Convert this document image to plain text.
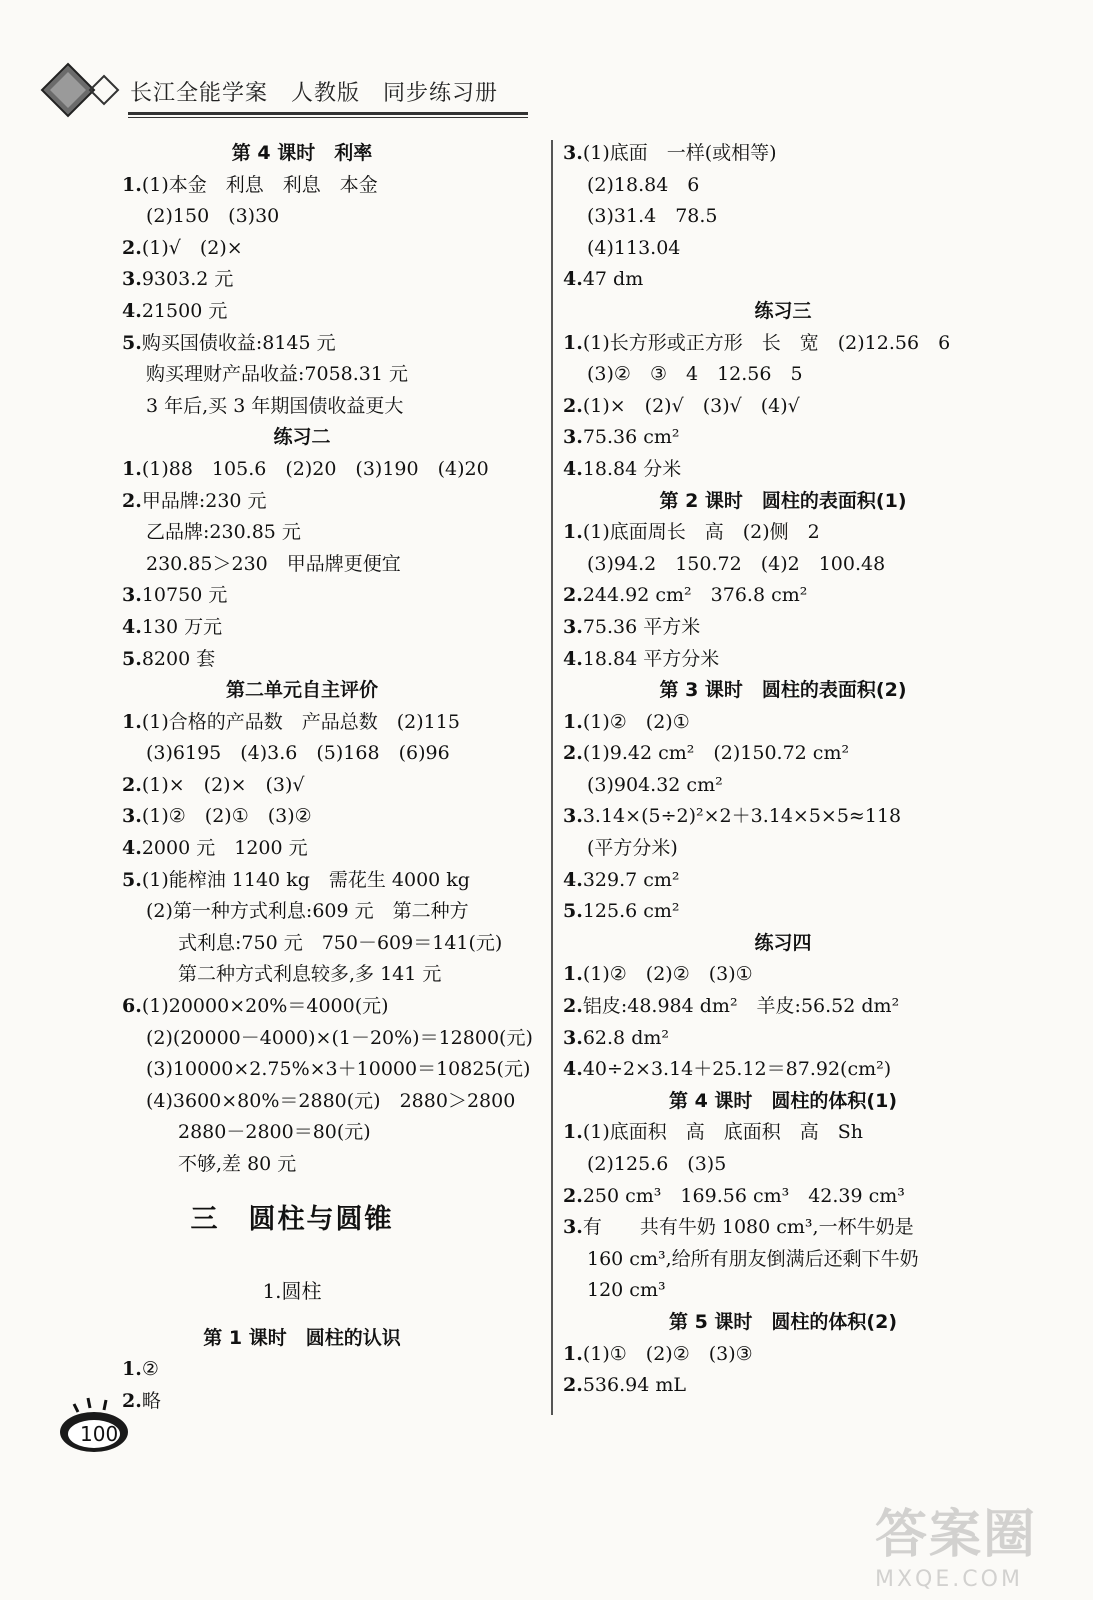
长江全能学案　人教版　同步练习册
第 4 课时　利率
1.(1)本金　利息　利息　本金
(2)150　(3)30
2.(1)√　(2)×
3.9303.2 元
4.21500 元
5.购买国债收益:8145 元
购买理财产品收益:7058.31 元
3 年后,买 3 年期国债收益更大
练习二
1.(1)88　105.6　(2)20　(3)190　(4)20
2.甲品牌:230 元
乙品牌:230.85 元
230.85＞230　甲品牌更便宜
3.10750 元
4.130 万元
5.8200 套
第二单元自主评价
1.(1)合格的产品数　产品总数　(2)115
(3)6195　(4)3.6　(5)168　(6)96
2.(1)×　(2)×　(3)√
3.(1)②　(2)①　(3)②
4.2000 元　1200 元
5.(1)能榨油 1140 kg　需花生 4000 kg
(2)第一种方式利息:609 元　第二种方
式利息:750 元　750－609＝141(元)
第二种方式利息较多,多 141 元
6.(1)20000×20%＝4000(元)
(2)(20000－4000)×(1－20%)＝12800(元)
(3)10000×2.75%×3＋10000＝10825(元)
(4)3600×80%＝2880(元)　2880＞2800
2880－2800＝80(元)
不够,差 80 元
三　圆柱与圆锥
1.圆柱
第 1 课时　圆柱的认识
1.②
2.略
3.(1)底面　一样(或相等)
(2)18.84　6
(3)31.4　78.5
(4)113.04
4.47 dm
练习三
1.(1)长方形或正方形　长　宽　(2)12.56　6
(3)②　③　4　12.56　5
2.(1)×　(2)√　(3)√　(4)√
3.75.36 cm²
4.18.84 分米
第 2 课时　圆柱的表面积(1)
1.(1)底面周长　高　(2)侧　2
(3)94.2　150.72　(4)2　100.48
2.244.92 cm²　376.8 cm²
3.75.36 平方米
4.18.84 平方分米
第 3 课时　圆柱的表面积(2)
1.(1)②　(2)①
2.(1)9.42 cm²　(2)150.72 cm²
(3)904.32 cm²
3.3.14×(5÷2)²×2＋3.14×5×5≈118
(平方分米)
4.329.7 cm²
5.125.6 cm²
练习四
1.(1)②　(2)②　(3)①
2.铝皮:48.984 dm²　羊皮:56.52 dm²
3.62.8 dm²
4.40÷2×3.14＋25.12＝87.92(cm²)
第 4 课时　圆柱的体积(1)
1.(1)底面积　高　底面积　高　Sh
(2)125.6　(3)5
2.250 cm³　169.56 cm³　42.39 cm³
3.有　　共有牛奶 1080 cm³,一杯牛奶是
160 cm³,给所有朋友倒满后还剩下牛奶
120 cm³
第 5 课时　圆柱的体积(2)
1.(1)①　(2)②　(3)③
2.536.94 mL
100
答案圈
MXQE.COM
